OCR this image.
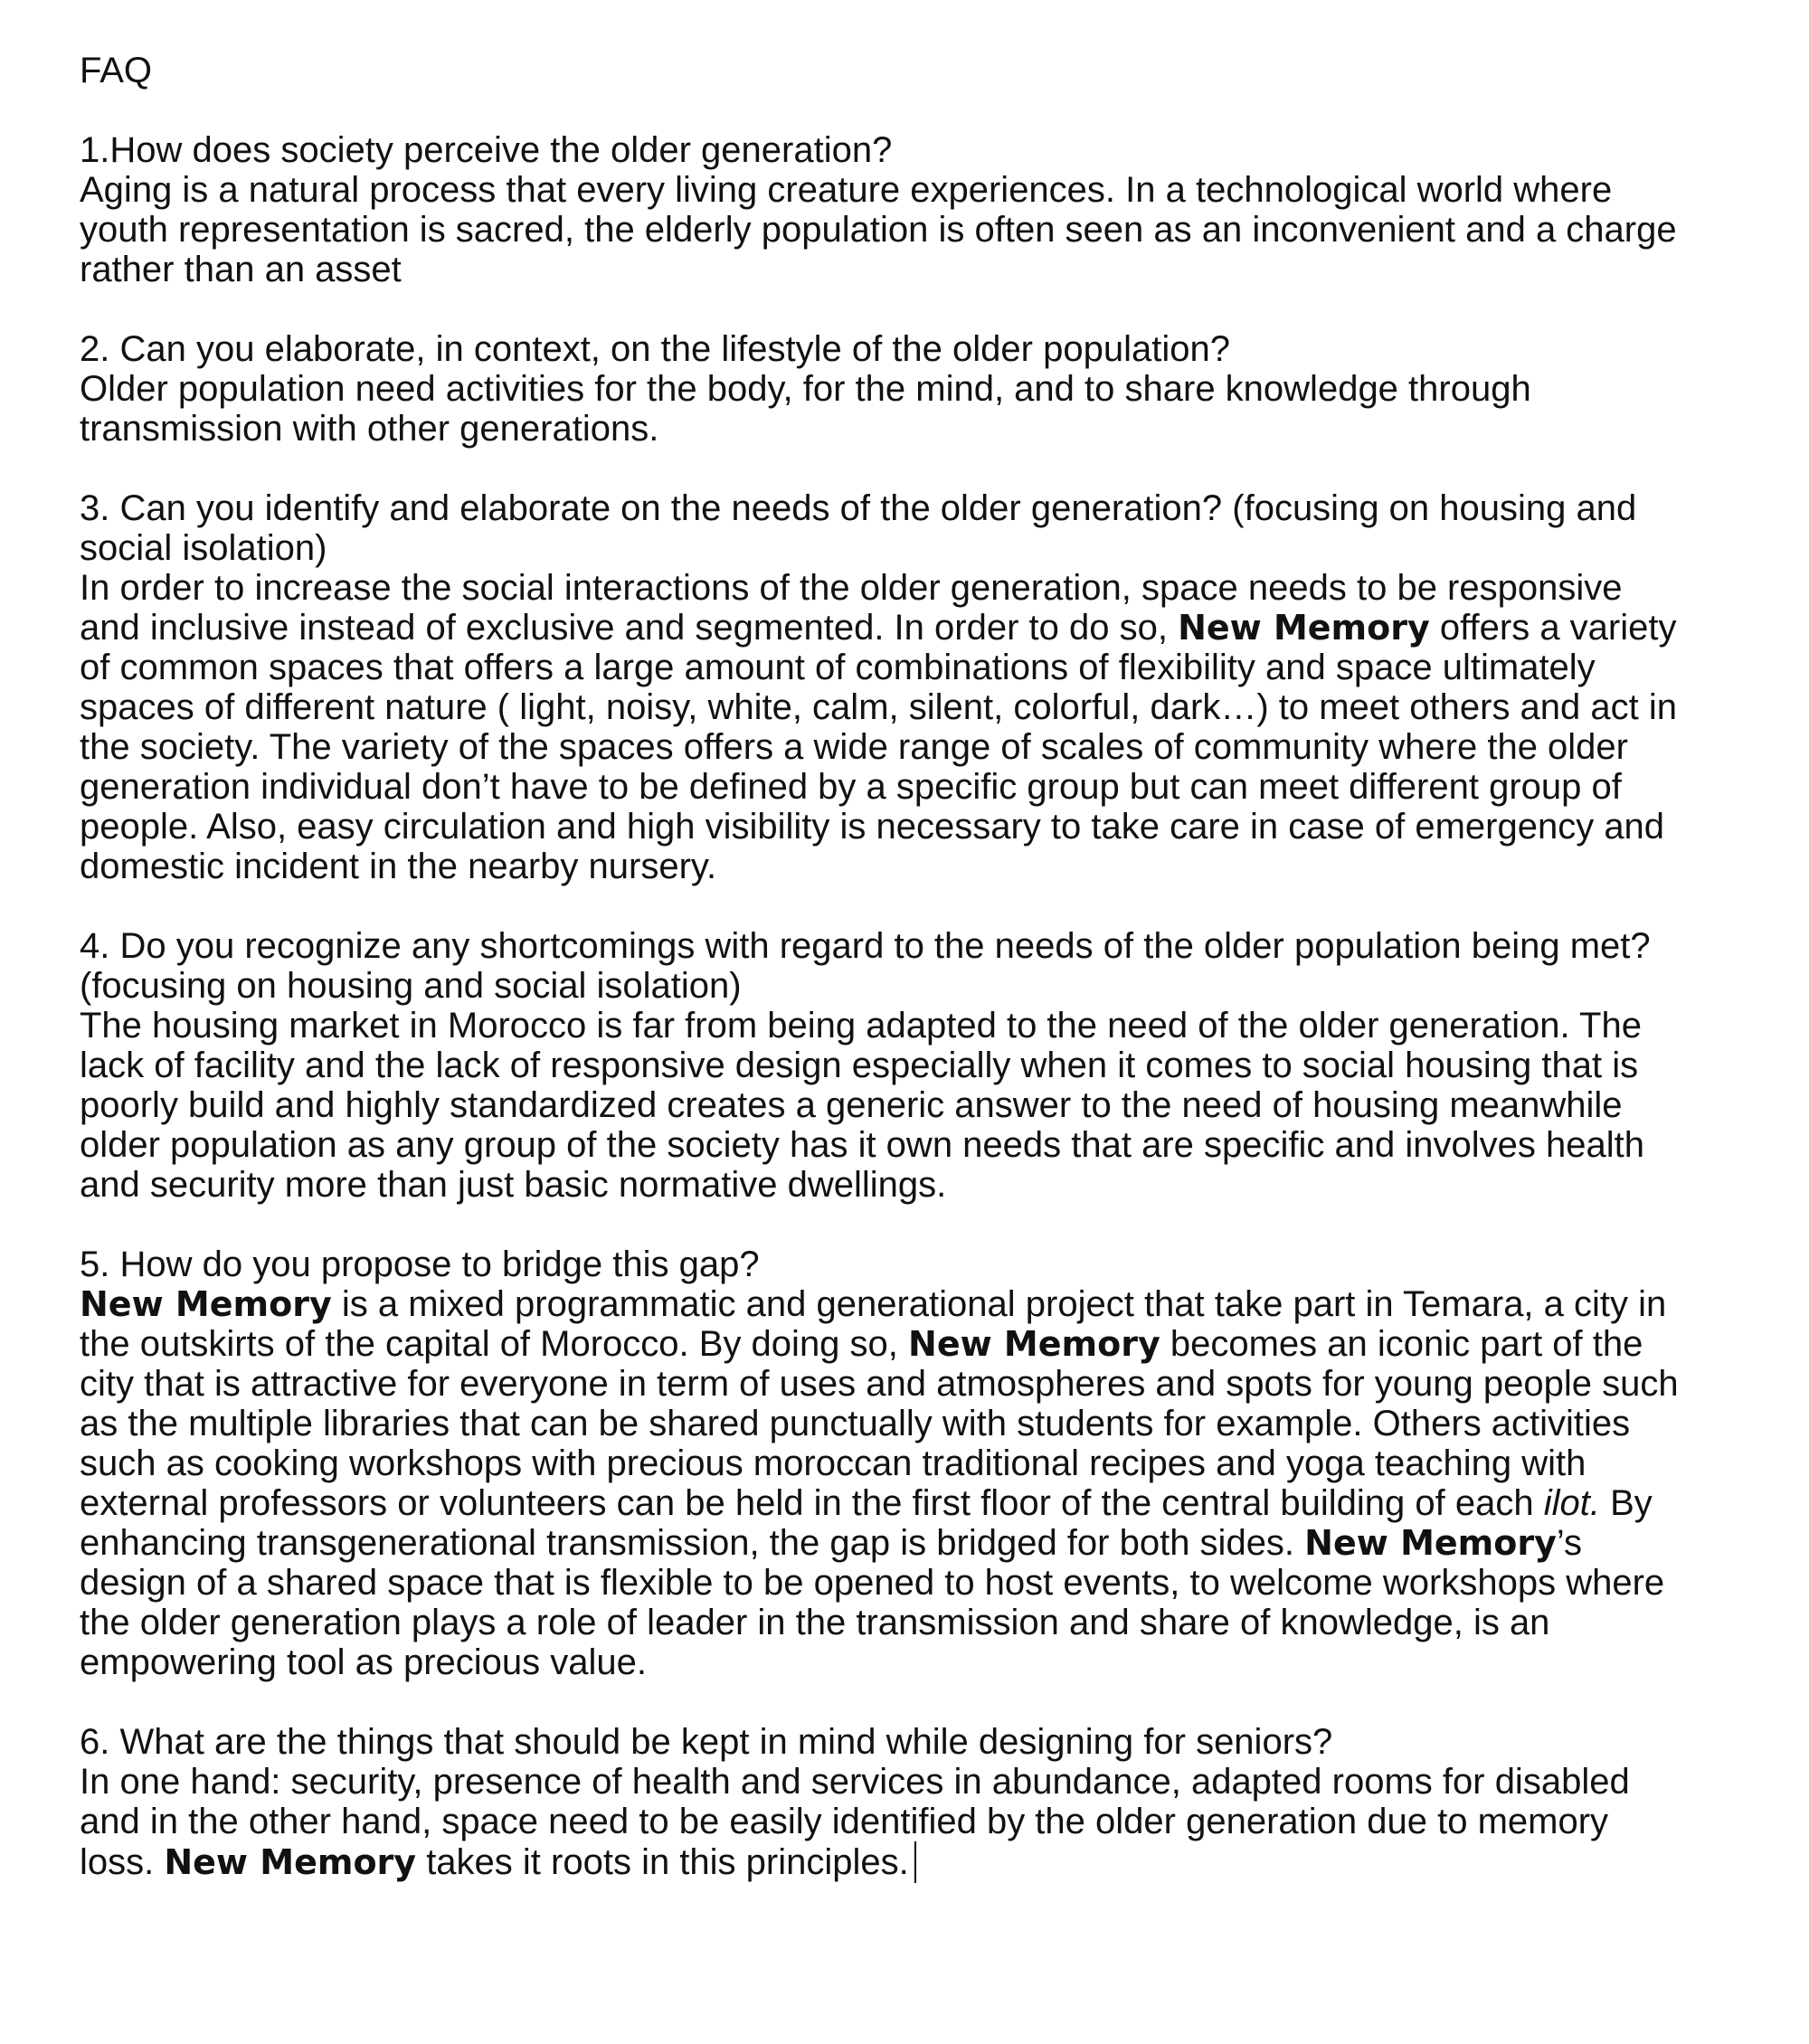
FAQ

1.How does society perceive the older generation?

Aging is a natural process that every living creature experiences. In a technological world where youth representation is sacred, the elderly population is often seen as an inconvenient and a charge rather than an asset

2. Can you elaborate, in context, on the lifestyle of the older population?

Older population need activities for the body, for the mind, and to share knowledge through transmission with other generations.

3. Can you identify and elaborate on the needs of the older generation? (focusing on housing and social isolation)

In order to increase the social interactions of the older generation, space needs to be responsive and inclusive instead of exclusive and segmented. In order to do so, New Memory offers a variety of common spaces that offers a large amount of combinations of flexibility and space ultimately spaces of different nature ( light, noisy, white, calm, silent, colorful, dark…) to meet others and act in the society. The variety of the spaces offers a wide range of scales of community where the older generation individual don’t have to be defined by a specific group but can meet different group of people. Also, easy circulation and high visibility is necessary to take care in case of emergency and domestic incident in the nearby nursery.

4. Do you recognize any shortcomings with regard to the needs of the older population being met? (focusing on housing and social isolation)

The housing market in Morocco is far from being adapted to the need of the older generation. The lack of facility and the lack of responsive design especially when it comes to social housing that is poorly build and highly standardized creates a generic answer to the need of housing meanwhile older population as any group of the society has it own needs that are specific and involves health and security more than just basic normative dwellings.

5. How do you propose to bridge this gap?

New Memory is a mixed programmatic and generational project that take part in Temara, a city in the outskirts of the capital of Morocco. By doing so, New Memory becomes an iconic part of the city that is attractive for everyone in term of uses and atmospheres and spots for young people such as the multiple libraries that can be shared punctually with students for example. Others activities such as cooking workshops with precious moroccan traditional recipes and yoga teaching with external professors or volunteers can be held in the first floor of the central building of each ilot. By enhancing transgenerational transmission, the gap is bridged for both sides. New Memory’s design of a shared space that is flexible to be opened to host events, to welcome workshops where the older generation plays a role of leader in the transmission and share of knowledge, is an empowering tool as precious value.

6. What are the things that should be kept in mind while designing for seniors?

In one hand: security, presence of health and services in abundance, adapted rooms for disabled and in the other hand, space need to be easily identified by the older generation due to memory loss. New Memory takes it roots in this principles.
